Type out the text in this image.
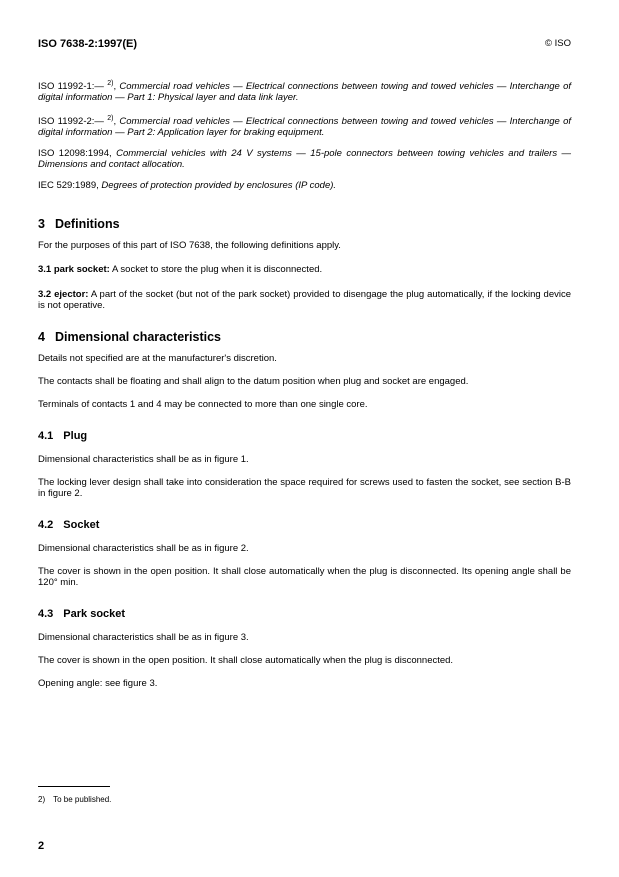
ISO 7638-2:1997(E)	© ISO

ISO 11992-1:— $^{2)}$, Commercial road vehicles — Electrical connections between towing and towed vehicles — Interchange of digital information — Part 1: Physical layer and data link layer.

ISO 11992-2:— $^{2)}$, Commercial road vehicles — Electrical connections between towing and towed vehicles — Interchange of digital information — Part 2: Application layer for braking equipment.

ISO 12098:1994, Commercial vehicles with 24 V systems — 15-pole connectors between towing vehicles and trailers — Dimensions and contact allocation.

IEC 529:1989, Degrees of protection provided by enclosures (IP code).

3 Definitions

For the purposes of this part of ISO 7638, the following definitions apply.

3.1 park socket: A socket to store the plug when it is disconnected.

3.2 ejector: A part of the socket (but not of the park socket) provided to disengage the plug automatically, if the locking device is not operative.

4 Dimensional characteristics

Details not specified are at the manufacturer's discretion.

The contacts shall be floating and shall align to the datum position when plug and socket are engaged.

Terminals of contacts 1 and 4 may be connected to more than one single core.

4.1 Plug

Dimensional characteristics shall be as in figure 1.

The locking lever design shall take into consideration the space required for screws used to fasten the socket, see section B-B in figure 2.

4.2 Socket

Dimensional characteristics shall be as in figure 2.

The cover is shown in the open position. It shall close automatically when the plug is disconnected. Its opening angle shall be 120° min.

4.3 Park socket

Dimensional characteristics shall be as in figure 3.

The cover is shown in the open position. It shall close automatically when the plug is disconnected.

Opening angle: see figure 3.

2) To be published.
2
